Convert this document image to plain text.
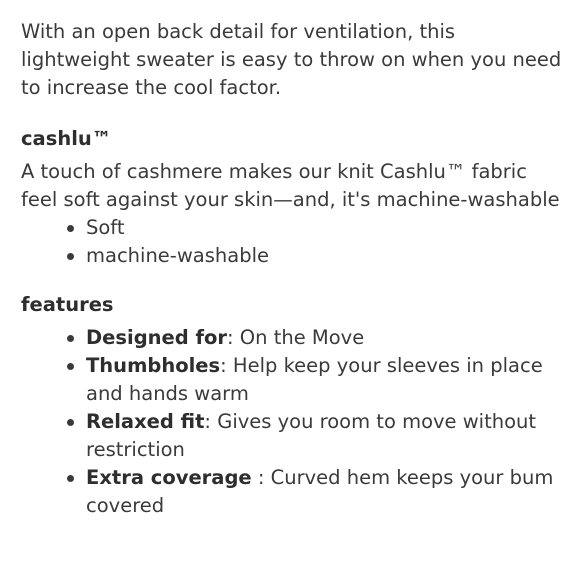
With an open back detail for ventilation, this lightweight sweater is easy to throw on when you need to increase the cool factor.

cashlu™

A touch of cashmere makes our knit Cashlu™ fabric feel soft against your skin—and, it's machine-washable

Soft
machine-washable
features
Designed for: On the Move
Thumbholes: Help keep your sleeves in place and hands warm
Relaxed fit: Gives you room to move without restriction
Extra coverage : Curved hem keeps your bum covered
